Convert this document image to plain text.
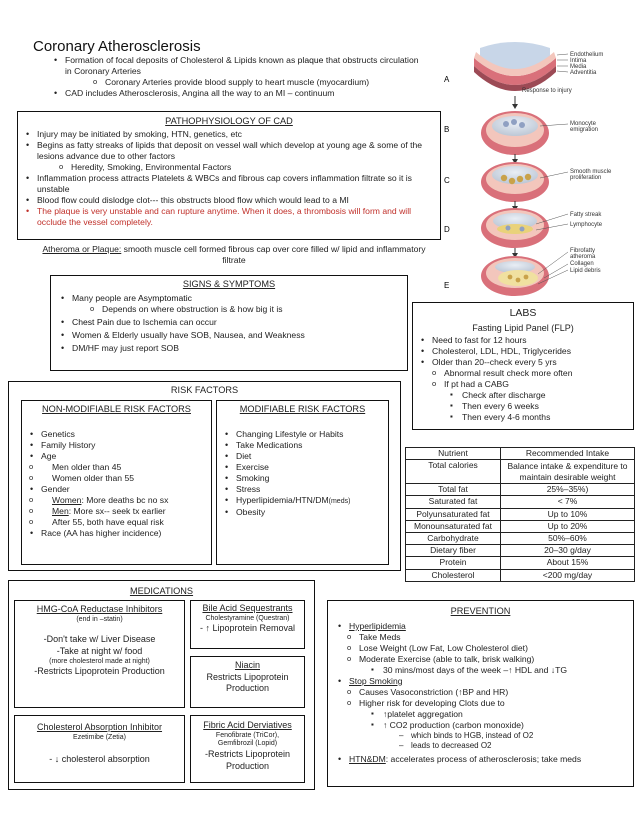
Coronary Atherosclerosis
• Formation of focal deposits of Cholesterol & Lipids known as plaque that obstructs circulation in Coronary Arteries
o Coronary Arteries provide blood supply to heart muscle (myocardium)
• CAD includes Atherosclerosis, Angina all the way to an MI – continuum
PATHOPHYSIOLOGY OF CAD
• Injury may be initiated by smoking, HTN, genetics, etc
• Begins as fatty streaks of lipids that deposit on vessel wall which develop at young age & some of the lesions advance due to other factors
o Heredity, Smoking, Environmental Factors
• Inflammation process attracts Platelets & WBCs and fibrous cap covers inflammation filtrate so it is unstable
• Blood flow could dislodge clot--- this obstructs blood flow which would lead to a MI
• The plaque is very unstable and can rupture anytime. When it does, a thrombosis will form and will occlude the vessel completely.
Atheroma or Plaque: smooth muscle cell formed fibrous cap over core filled w/ lipid and inflammatory filtrate
SIGNS & SYMPTOMS
• Many people are Asymptomatic
o Depends on where obstruction is & how big it is
• Chest Pain due to Ischemia can occur
• Women & Elderly usually have SOB, Nausea, and Weakness
• DM/HF may just report SOB
LABS
Fasting Lipid Panel (FLP)
• Need to fast for 12 hours
• Cholesterol, LDL, HDL, Triglycerides
• Older than 20--check every 5 yrs
o Abnormal result check more often
o If pt had a CABG
▪ Check after discharge
▪ Then every 6 weeks
▪ Then every 4-6 months
RISK FACTORS
NON-MODIFIABLE RISK FACTORS
• Genetics
• Family History
• Age
o Men older than 45
o Women older than 55
• Gender
o Women: More deaths bc no sx
o Men: More sx-- seek tx earlier
o After 55, both have equal risk
• Race (AA has higher incidence)
MODIFIABLE RISK FACTORS
• Changing Lifestyle or Habits
• Take Medications
• Diet
• Exercise
• Smoking
• Stress
• Hyperlipidemia/HTN/DM(meds)
• Obesity
Nutrient	Recommended Intake
Total calories	Balance intake & expenditure to maintain desirable weight
Total fat	25%–35%)
Saturated fat	< 7%
Polyunsaturated fat	Up to 10%
Monounsaturated fat	Up to 20%
Carbohydrate	50%–60%
Dietary fiber	20–30 g/day
Protein	About 15%
Cholesterol	<200 mg/day
MEDICATIONS
HMG-CoA Reductase Inhibitors
(end in –statin)
-Don't take w/ Liver Disease
-Take at night w/ food
(more cholesterol made at night)
-Restricts Lipoprotein Production
Bile Acid Sequestrants
Cholestyramine (Questran)
- ↑ Lipoprotein Removal
Niacin
Restricts Lipoprotein Production
Cholesterol Absorption Inhibitor
Ezetimibe (Zetia)
- ↓ cholesterol absorption
Fibric Acid Derviatives
Fenofibrate (TriCor),
Gemfibrozil (Lopid)
-Restricts Lipoprotein Production
PREVENTION
• Hyperlipidemia
o Take Meds
o Lose Weight (Low Fat, Low Cholesterol diet)
o Moderate Exercise (able to talk, brisk walking)
▪ 30 mins/most days of the week –↑ HDL and ↓TG
• Stop Smoking
o Causes Vasoconstriction (↑BP and HR)
o Higher risk for developing Clots due to
▪ ↑platelet aggregation
▪ ↑ CO2 production (carbon monoxide)
– which binds to HGB, instead of O2
– leads to decreased O2
• HTN&DM: accelerates process of atherosclerosis; take meds
A
Endothelium
Intima
Media
Adventitia
Response to injury
B
Monocyte
emigration
C
Smooth muscle
proliferation
D
Fatty streak
Lymphocyte
E
Fibrofatty
atheroma
Collagen
Lipid debris
